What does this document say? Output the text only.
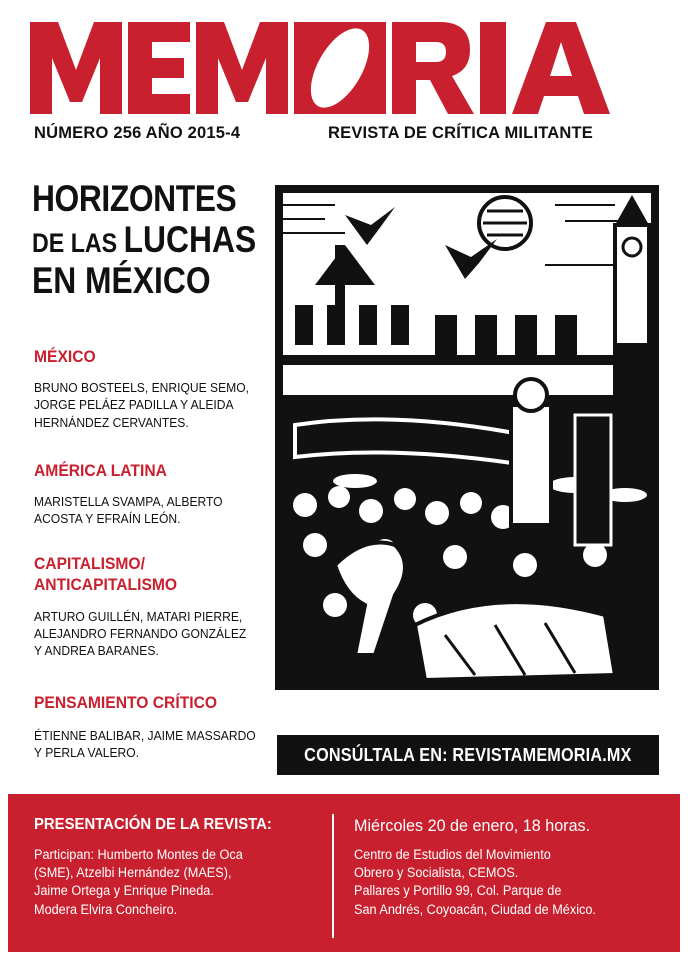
NÚMERO 256 AÑO 2015-4	REVISTA DE CRÍTICA MILITANTE
HORIZONTES
DE LAS LUCHAS
EN MÉXICO
MÉXICO

BRUNO BOSTEELS, ENRIQUE SEMO,

JORGE PELÁEZ PADILLA Y ALEIDA

HERNÁNDEZ CERVANTES.

AMÉRICA LATINA

MARISTELLA SVAMPA, ALBERTO

ACOSTA Y EFRAÍN LEÓN.

CAPITALISMO/
ANTICAPITALISMO

ARTURO GUILLÉN, MATARI PIERRE,

ALEJANDRO FERNANDO GONZÁLEZ

Y ANDREA BARANES.

PENSAMIENTO CRÍTICO

ÉTIENNE BALIBAR, JAIME MASSARDO

Y PERLA VALERO.	CONSÚLTALA EN: REVISTAMEMORIA.MX
PRESENTACIÓN DE LA REVISTA:
Participan: Humberto Montes de Oca
(SME), Atzelbi Hernández (MAES),
Jaime Ortega y Enrique Pineda.
Modera Elvira Concheiro.
Miércoles 20 de enero, 18 horas.
Centro de Estudios del Movimiento
Obrero y Socialista, CEMOS.
Pallares y Portillo 99, Col. Parque de
San Andrés, Coyoacán, Ciudad de México.
